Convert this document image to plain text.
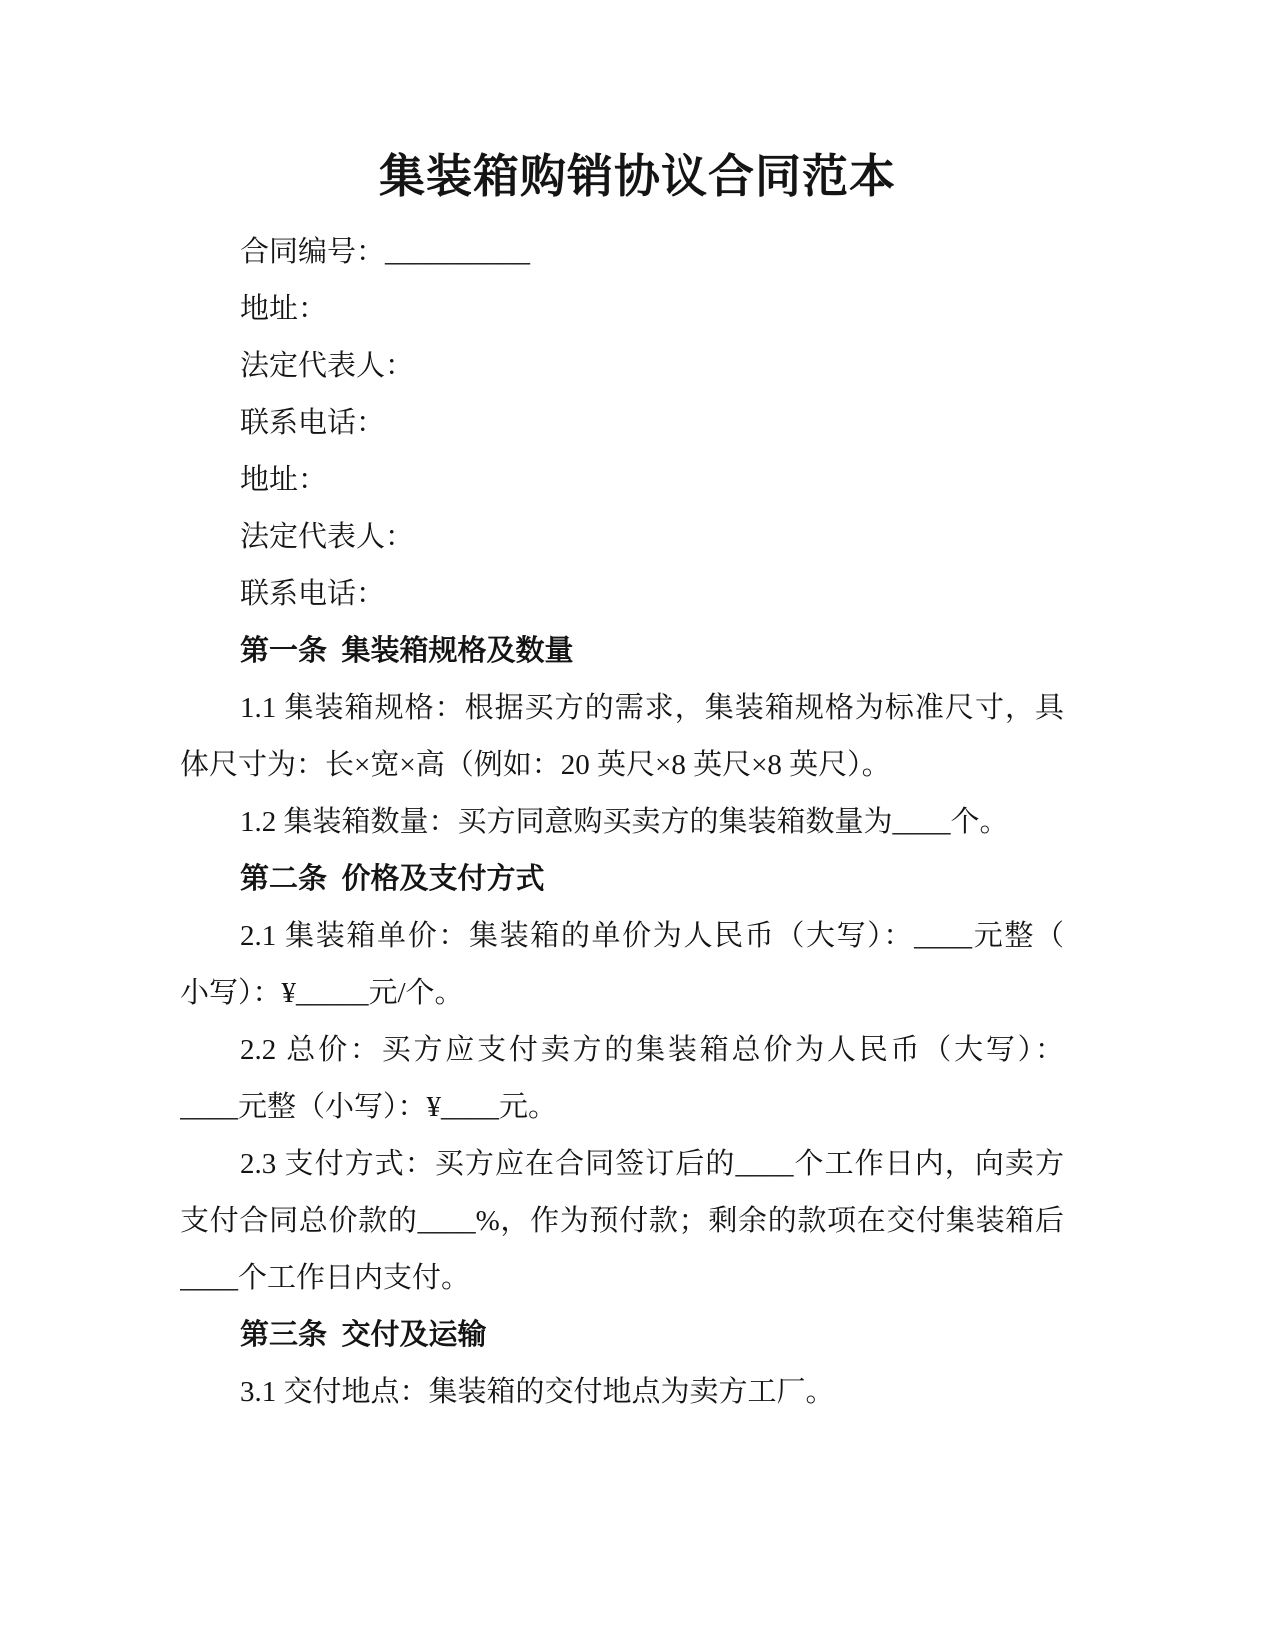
集装箱购销协议合同范本
合同编号：__________
地址：
法定代表人：
联系电话：
地址：
法定代表人：
联系电话：
第一条 集装箱规格及数量
1.1 集装箱规格：根据买方的需求，集装箱规格为标准尺寸，具
体尺寸为：长×宽×高（例如：20 英尺×8 英尺×8 英尺）。
1.2 集装箱数量：买方同意购买卖方的集装箱数量为____个。
第二条 价格及支付方式
2.1 集装箱单价：集装箱的单价为人民币（大写）：____元整（
小写）：¥_____元/个。
2.2 总价：买方应支付卖方的集装箱总价为人民币（大写）：
____元整（小写）：¥____元。
2.3 支付方式：买方应在合同签订后的____个工作日内，向卖方
支付合同总价款的____%，作为预付款；剩余的款项在交付集装箱后
____个工作日内支付。
第三条 交付及运输
3.1 交付地点：集装箱的交付地点为卖方工厂。
